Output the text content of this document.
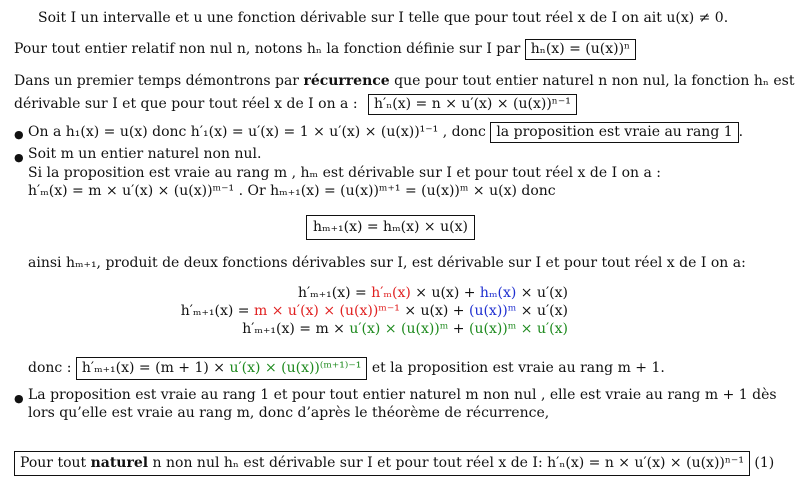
Soit I un intervalle et u une fonction dérivable sur I telle que pour tout réel x de I on ait u(x) ≠ 0.
Pour tout entier relatif non nul n, notons hₙ la fonction définie sur I par hₙ(x) = (u(x))ⁿ
Dans un premier temps démontrons par récurrence que pour tout entier naturel n non nul, la fonction hₙ est
dérivable sur I et que pour tout réel x de I on a : h′ₙ(x) = n × u′(x) × (u(x))ⁿ⁻¹
● On a h₁(x) = u(x) donc h′₁(x) = u′(x) = 1 × u′(x) × (u(x))¹⁻¹ , donc la proposition est vraie au rang 1 .
● Soit m un entier naturel non nul.
Si la proposition est vraie au rang m , hₘ est dérivable sur I et pour tout réel x de I on a :
h′ₘ(x) = m × u′(x) × (u(x))ᵐ⁻¹ . Or hₘ₊₁(x) = (u(x))ᵐ⁺¹ = (u(x))ᵐ × u(x) donc
hₘ₊₁(x) = hₘ(x) × u(x)
ainsi hₘ₊₁, produit de deux fonctions dérivables sur I, est dérivable sur I et pour tout réel x de I on a:
h′ₘ₊₁(x) = h′ₘ(x) × u(x) + hₘ(x) × u′(x)
h′ₘ₊₁(x) = m × u′(x) × (u(x))ᵐ⁻¹ × u(x) + (u(x))ᵐ × u′(x)
h′ₘ₊₁(x) = m × u′(x) × (u(x))ᵐ + (u(x))ᵐ × u′(x)
donc : h′ₘ₊₁(x) = (m + 1) × u′(x) × (u(x))⁽ᵐ⁺¹⁾⁻¹ et la proposition est vraie au rang m + 1.
● La proposition est vraie au rang 1 et pour tout entier naturel m non nul , elle est vraie au rang m + 1 dès
lors qu’elle est vraie au rang m, donc d’après le théorème de récurrence,
Pour tout naturel n non nul hₙ est dérivable sur I et pour tout réel x de I: h′ₙ(x) = n × u′(x) × (u(x))ⁿ⁻¹ (1)
